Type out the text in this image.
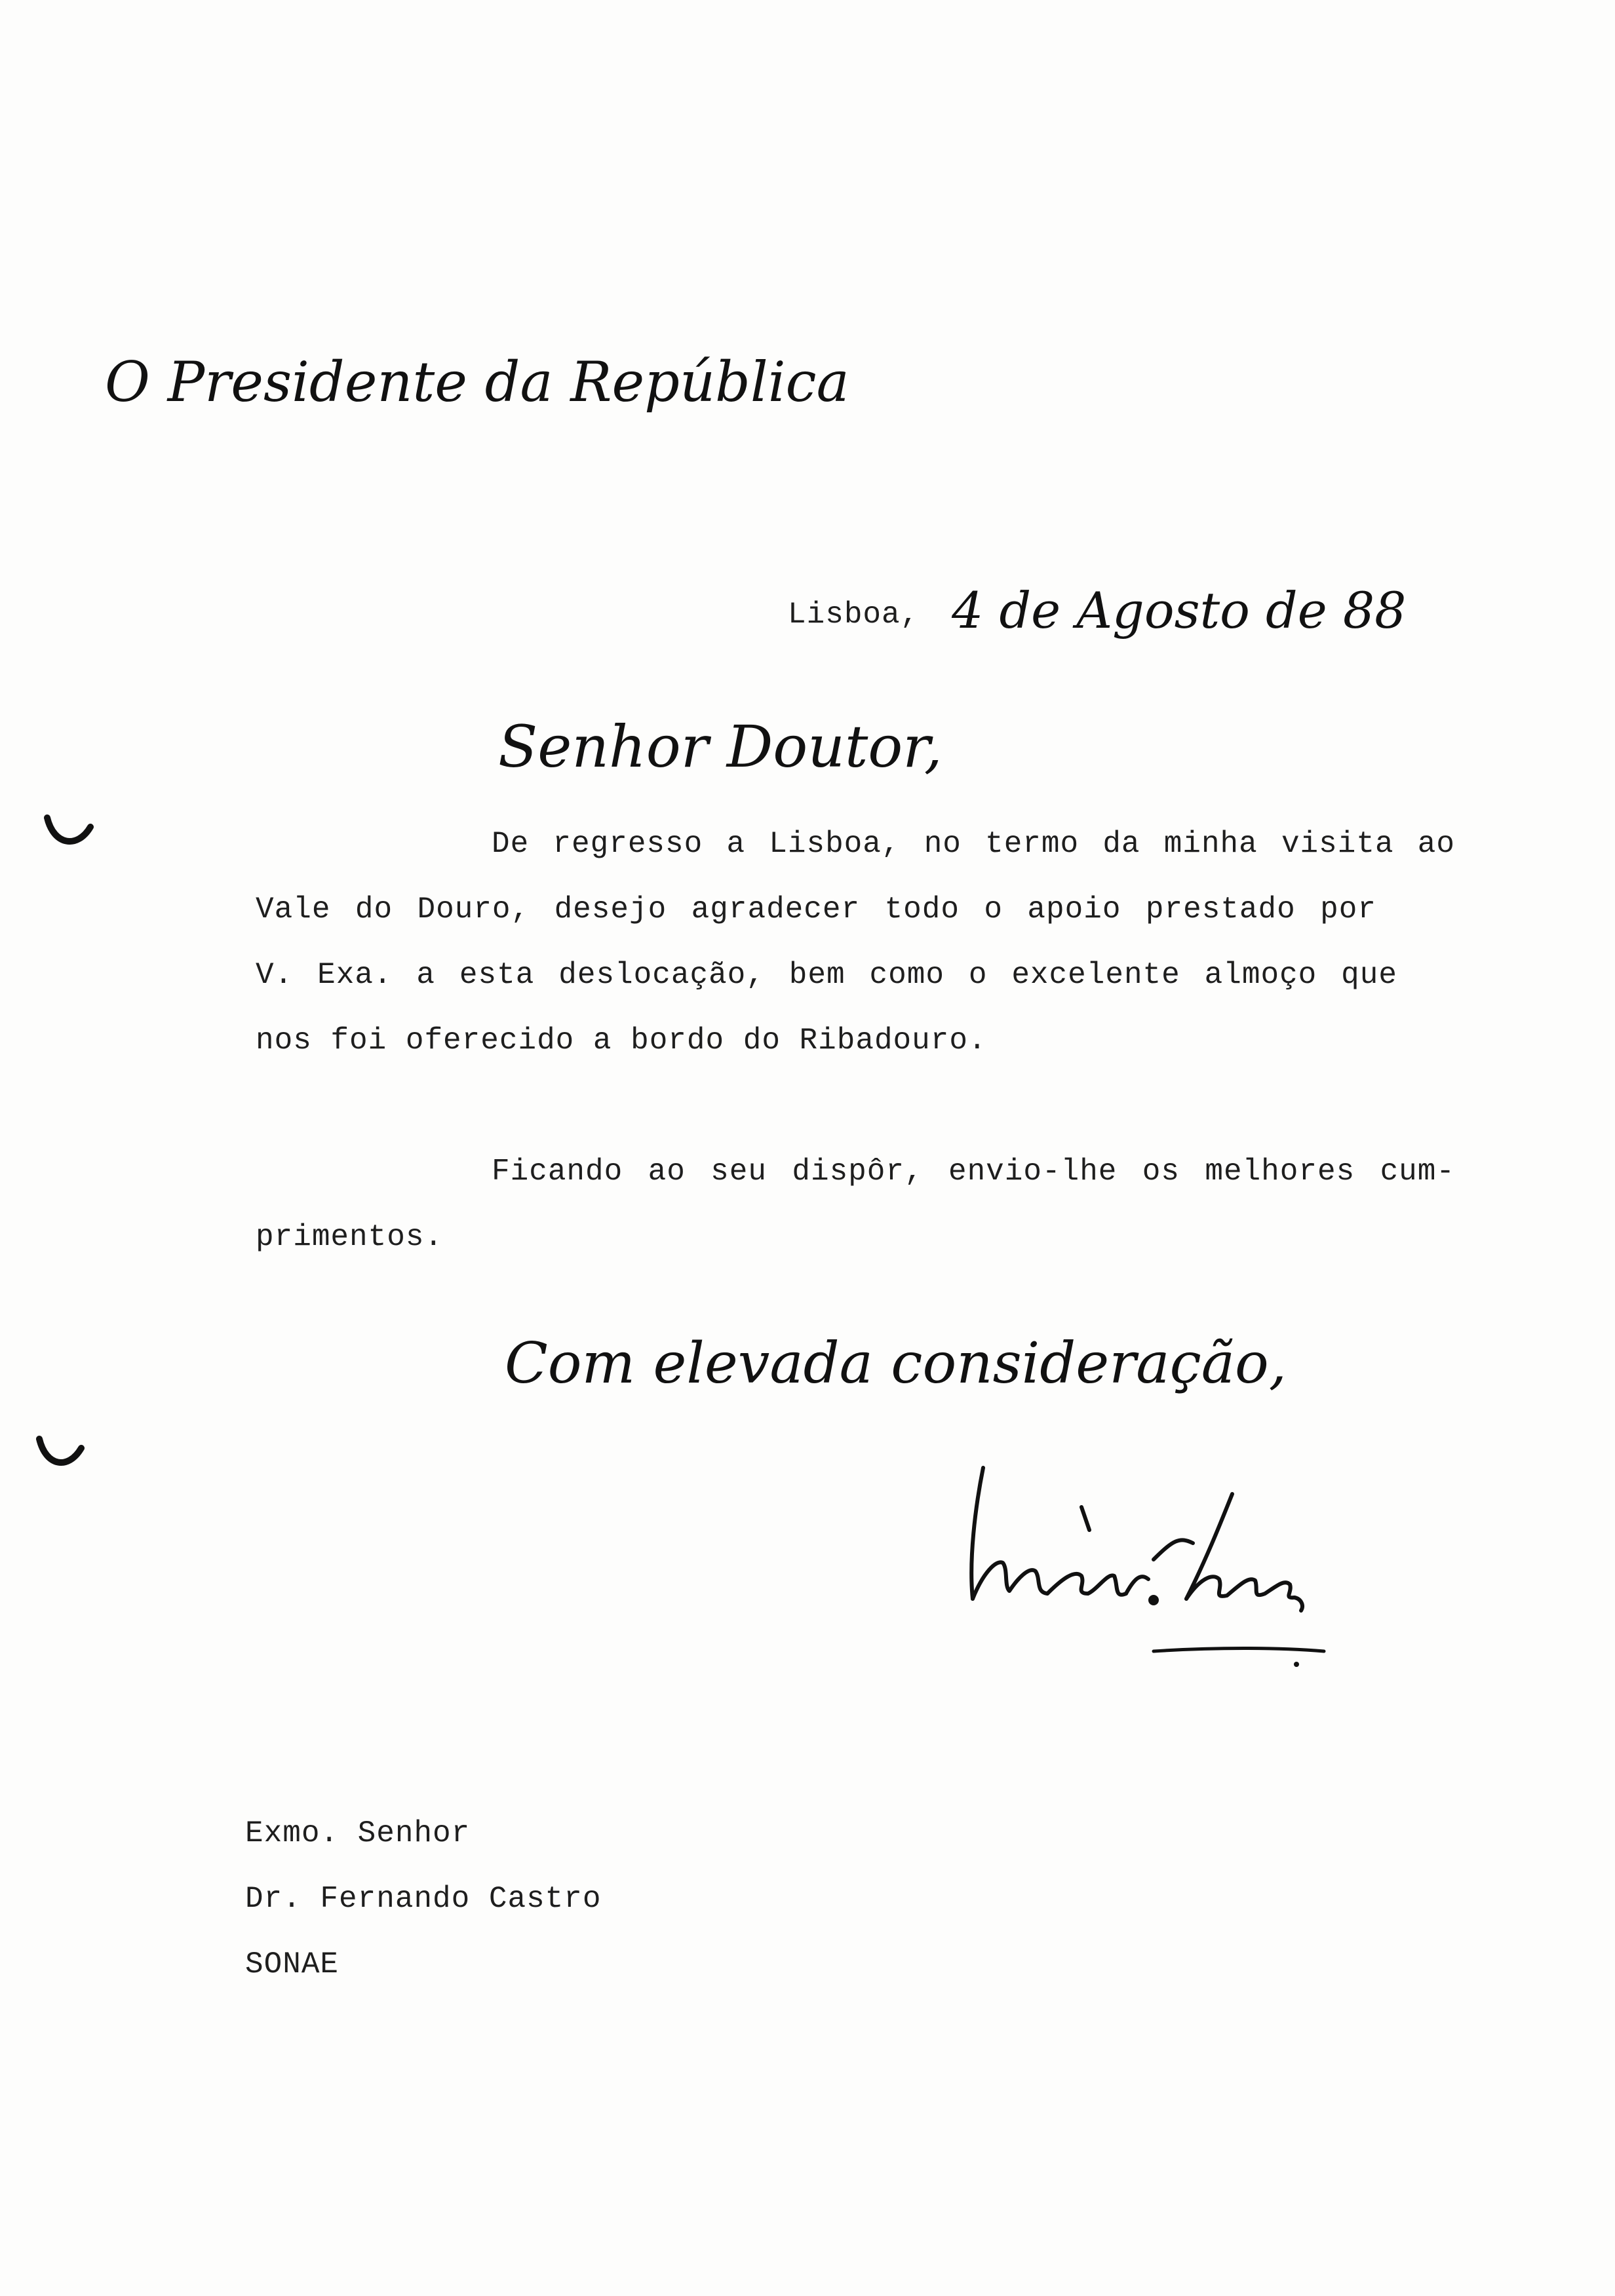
O Presidente da República
Lisboa, 4 de Agosto de 88
Senhor Doutor,
De regresso a Lisboa, no termo da minha visita ao
Vale do Douro, desejo agradecer todo o apoio prestado por
V. Exa. a esta deslocação, bem como o excelente almoço que
nos foi oferecido a bordo do Ribadouro.
Ficando ao seu dispôr, envio-lhe os melhores cum-
primentos.
Com elevada consideração,
Exmo. Senhor
Dr. Fernando Castro
SONAE
